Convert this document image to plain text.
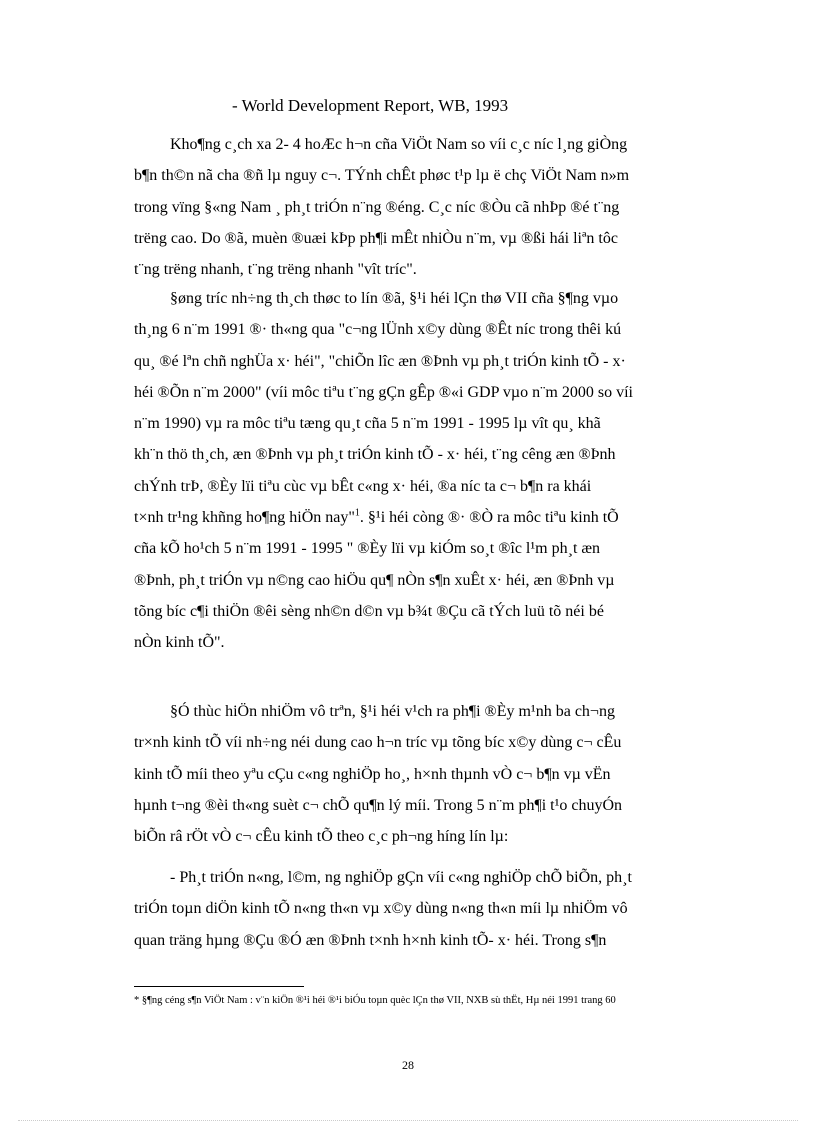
- World Development Report, WB, 1993
Kho¶ng c¸ch xa 2- 4 hoÆc h¬n cña ViÖt Nam so víi c¸c níc l¸ng giÒng
b¶n th©n nã cha ®ñ lµ nguy c¬. TÝnh chÊt phøc t¹p lµ ë chç ViÖt Nam n»m
trong vïng §«ng Nam ¸ ph¸t triÓn n¨ng ®éng. C¸c níc ®Òu cã nhÞp ®é t¨ng
trëng cao. Do ®ã, muèn ®uæi kÞp ph¶i mÊt nhiÒu n¨m, vµ ®ßi hái liªn tôc
t¨ng trëng nhanh, t¨ng trëng nhanh "vît tríc".
§øng tríc nh÷ng th¸ch thøc to lín ®ã, §¹i héi lÇn thø VII cña §¶ng vµo
th¸ng 6 n¨m 1991 ®· th«ng qua "c¬ng lÜnh x©y dùng ®Êt níc trong thêi kú
qu¸ ®é lªn chñ nghÜa x· héi", "chiÕn lîc æn ®Þnh vµ ph¸t triÓn kinh tÕ - x·
héi ®Õn n¨m 2000" (víi môc tiªu t¨ng gÇn gÊp ®«i GDP vµo n¨m 2000 so víi
n¨m 1990) vµ ra môc tiªu tæng qu¸t cña 5 n¨m 1991 - 1995 lµ vît qu¸ khã
kh¨n thö th¸ch, æn ®Þnh vµ ph¸t triÓn kinh tÕ - x· héi, t¨ng cêng æn ®Þnh
chÝnh trÞ, ®Èy lïi tiªu cùc vµ bÊt c«ng x· héi, ®a níc ta c¬ b¶n ra khái
t×nh tr¹ng khñng ho¶ng hiÖn nay"$^1$. §¹i héi còng ®· ®Ò ra môc tiªu kinh tÕ
cña kÕ ho¹ch 5 n¨m 1991 - 1995 " ®Èy lïi vµ kiÓm so¸t ®îc l¹m ph¸t æn
®Þnh, ph¸t triÓn vµ n©ng cao hiÖu qu¶ nÒn s¶n xuÊt x· héi, æn ®Þnh vµ
tõng bíc c¶i thiÖn ®êi sèng nh©n d©n vµ b¾t ®Çu cã tÝch luü tõ néi bé
nÒn kinh tÕ".
§Ó thùc hiÖn nhiÖm vô trªn, §¹i héi v¹ch ra ph¶i ®Èy m¹nh ba ch¬ng
tr×nh kinh tÕ víi nh÷ng néi dung cao h¬n tríc vµ tõng bíc x©y dùng c¬ cÊu
kinh tÕ míi theo yªu cÇu c«ng nghiÖp ho¸, h×nh thµnh vÒ c¬ b¶n vµ vËn
hµnh t¬ng ®èi th«ng suèt c¬ chÕ qu¶n lý míi. Trong 5 n¨m ph¶i t¹o chuyÓn
biÕn râ rÖt vÒ c¬ cÊu kinh tÕ theo c¸c ph¬ng híng lín lµ:
- Ph¸t triÓn n«ng, l©m, ng nghiÖp gÇn víi c«ng nghiÖp chÕ biÕn, ph¸t
triÓn toµn diÖn kinh tÕ n«ng th«n vµ x©y dùng n«ng th«n míi lµ nhiÖm vô
quan träng hµng ®Çu ®Ó æn ®Þnh t×nh h×nh kinh tÕ- x· héi. Trong s¶n
* §¶ng céng s¶n ViÖt Nam : v¨n kiÖn ®¹i héi ®¹i biÓu toµn quèc lÇn thø VII, NXB sù thËt, Hµ néi 1991 trang 60
28
